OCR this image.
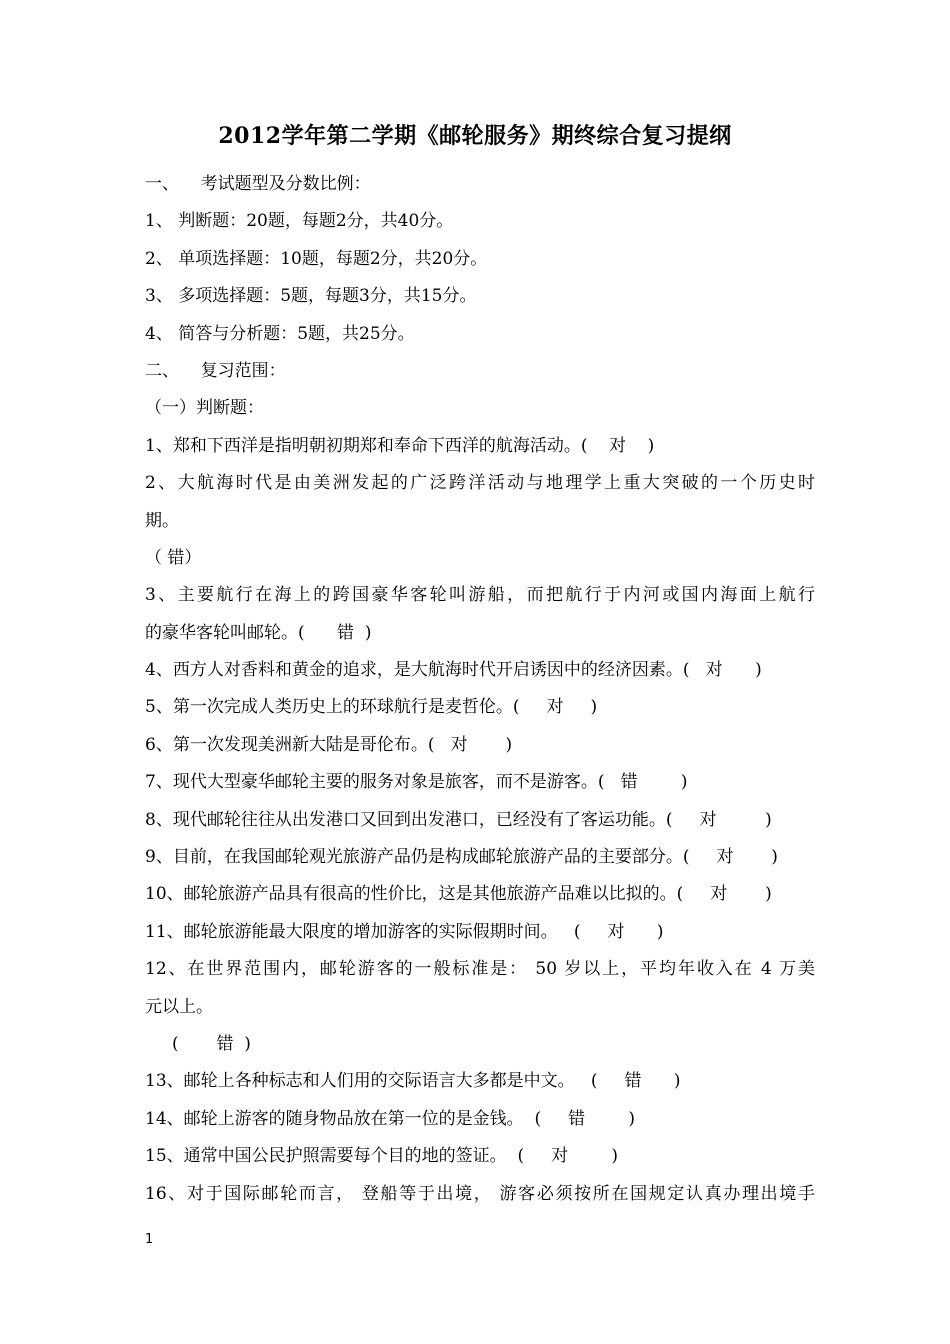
2012学年第二学期《邮轮服务》期终综合复习提纲
一、    考试题型及分数比例：
1、 判断题：20题，每题2分，共40分。
2、 单项选择题：10题，每题2分，共20分。
3、 多项选择题：5题，每题3分，共15分。
4、 简答与分析题：5题，共25分。
二、    复习范围：
（一）判断题：
1、郑和下西洋是指明朝初期郑和奉命下西洋的航海活动。(    对    )
2、大航海时代是由美洲发起的广泛跨洋活动与地理学上重大突破的一个历史时
期。
（ 错）
3、主要航行在海上的跨国豪华客轮叫游船，而把航行于内河或国内海面上航行
的豪华客轮叫邮轮。(      错  )
4、西方人对香料和黄金的追求，是大航海时代开启诱因中的经济因素。(   对      )
5、第一次完成人类历史上的环球航行是麦哲伦。(     对     )
6、第一次发现美洲新大陆是哥伦布。(   对       )
7、现代大型豪华邮轮主要的服务对象是旅客，而不是游客。(   错        )
8、现代邮轮往往从出发港口又回到出发港口，已经没有了客运功能。(     对         )
9、目前，在我国邮轮观光旅游产品仍是构成邮轮旅游产品的主要部分。(     对       )
10、邮轮旅游产品具有很高的性价比，这是其他旅游产品难以比拟的。(     对       )
11、邮轮旅游能最大限度的增加游客的实际假期时间。   (     对      )
12、在世界范围内，邮轮游客的一般标准是： 50 岁以上，平均年收入在 4 万美
元以上。
(       错  )
13、邮轮上各种标志和人们用的交际语言大多都是中文。   (     错      )
14、邮轮上游客的随身物品放在第一位的是金钱。  (     错        )
15、通常中国公民护照需要每个目的地的签证。  (     对        )
16、对于国际邮轮而言， 登船等于出境， 游客必须按所在国规定认真办理出境手
1
